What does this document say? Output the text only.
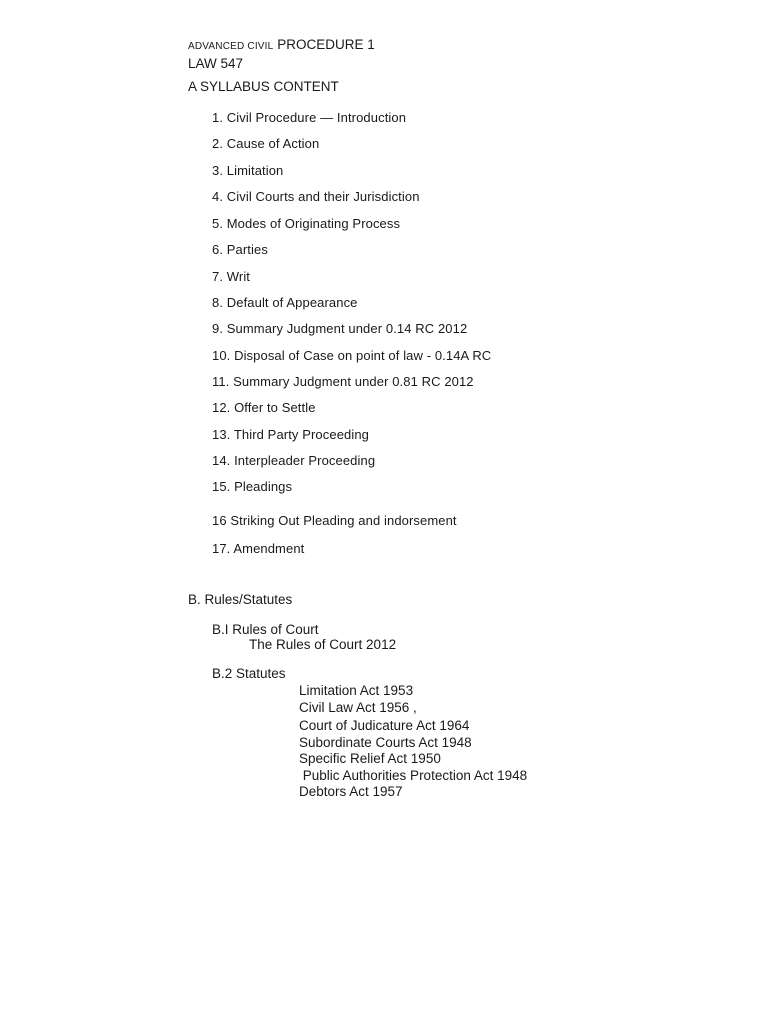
ADVANCED CIVIL PROCEDURE 1
LAW 547
A SYLLABUS CONTENT
1. Civil Procedure — Introduction
2. Cause of Action
3. Limitation
4. Civil Courts and their Jurisdiction
5. Modes of Originating Process
6. Parties
7. Writ
8. Default of Appearance
9. Summary Judgment under 0.14 RC 2012
10. Disposal of Case on point of law - 0.14A RC
11. Summary Judgment under 0.81 RC 2012
12. Offer to Settle
13. Third Party Proceeding
14. Interpleader Proceeding
15. Pleadings
16 Striking Out Pleading and indorsement
17. Amendment
B. Rules/Statutes
B.I Rules of Court
The Rules of Court 2012
B.2 Statutes
Limitation Act 1953
Civil Law Act 1956 ,
Court of Judicature Act 1964
Subordinate Courts Act 1948
Specific Relief Act 1950
Public Authorities Protection Act 1948
Debtors Act 1957
